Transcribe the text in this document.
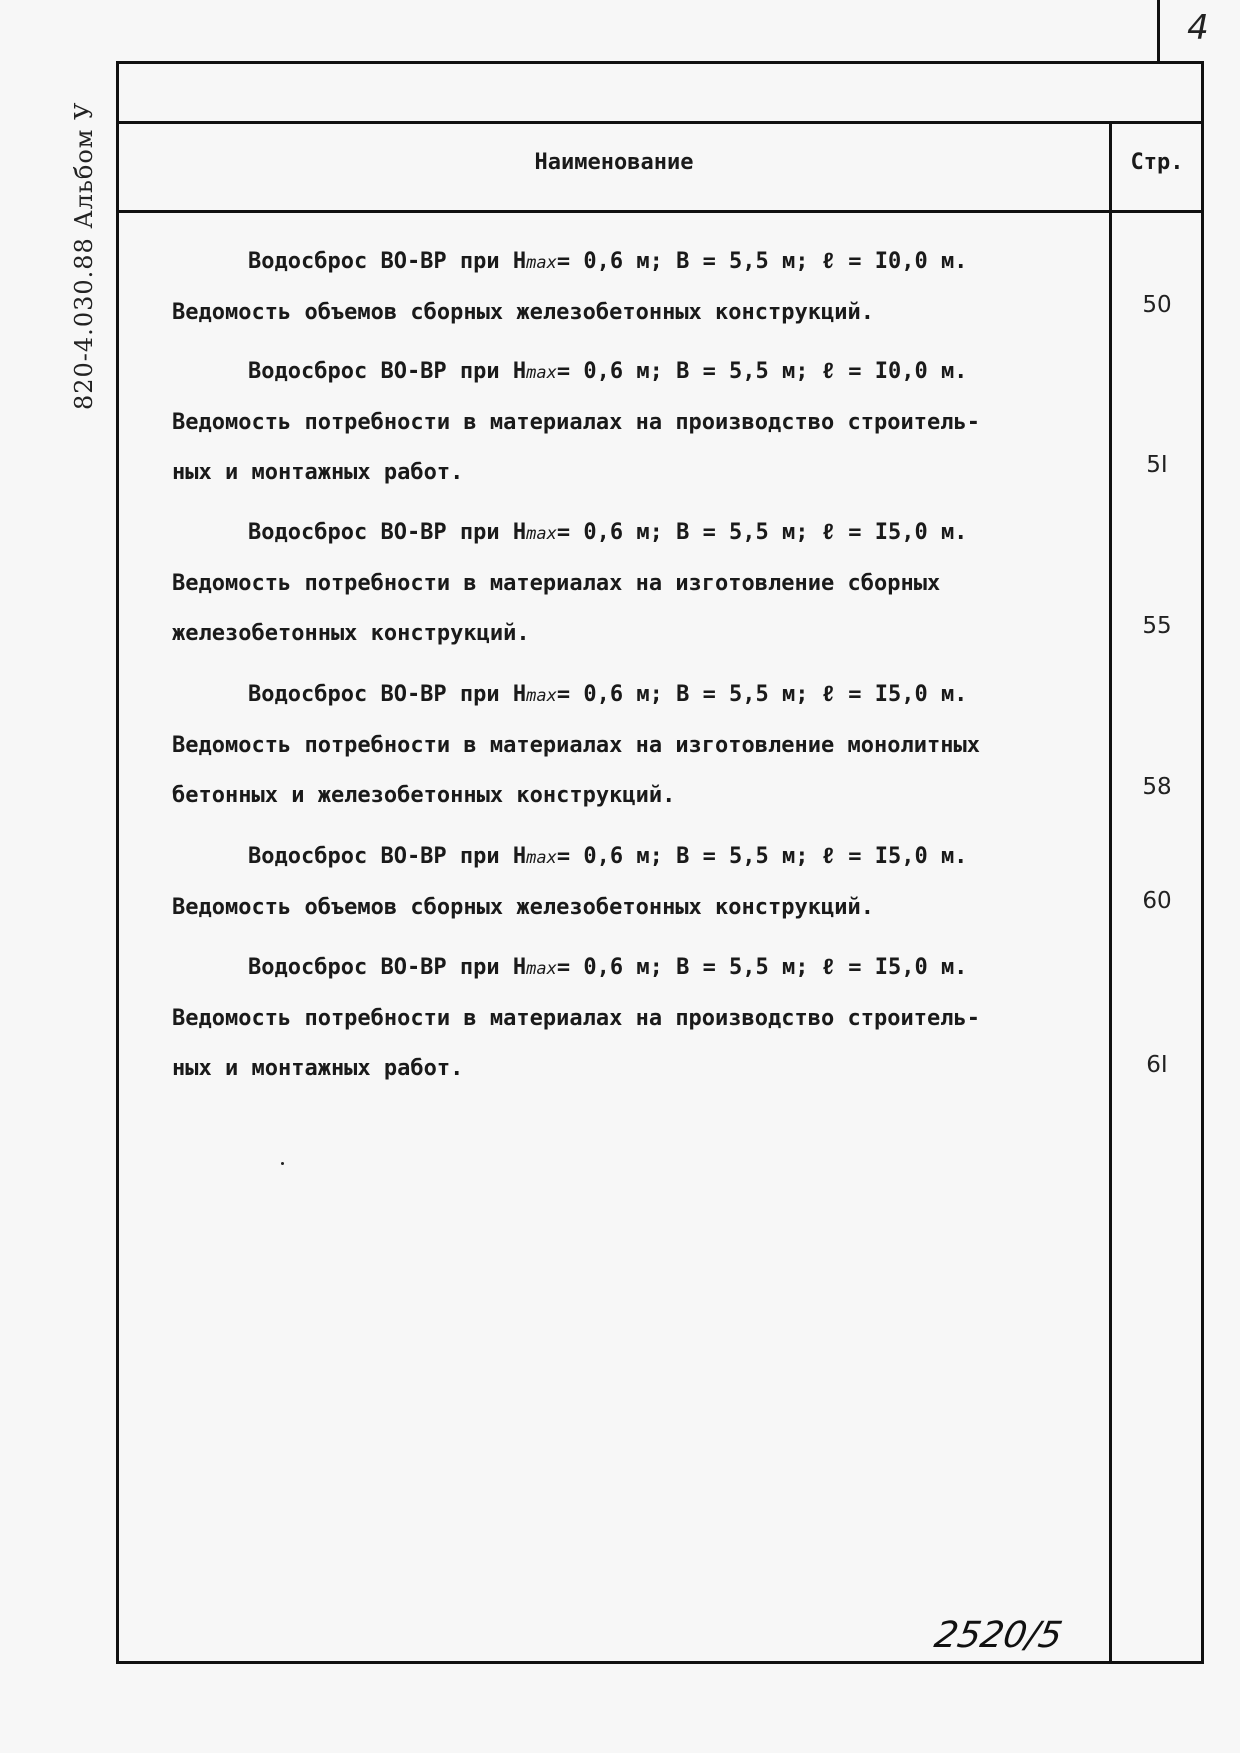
820-4.030.88 Альбом У
4
Наименование	Стр.
Водосброс ВО-ВР при Hmax= 0,6 м; В = 5,5 м; ℓ = I0,0 м.
Ведомость объемов сборных железобетонных конструкций.	50
Водосброс ВО-ВР при Hmax= 0,6 м; В = 5,5 м; ℓ = I0,0 м.
Ведомость потребности в материалах на производство строитель-
ных и монтажных работ.	5I
Водосброс ВО-ВР при Hmax= 0,6 м; В = 5,5 м; ℓ = I5,0 м.
Ведомость потребности в материалах на изготовление сборных
железобетонных конструкций.	55
Водосброс ВО-ВР при Hmax= 0,6 м; В = 5,5 м; ℓ = I5,0 м.
Ведомость потребности в материалах на изготовление монолитных
бетонных и железобетонных конструкций.	58
Водосброс ВО-ВР при Hmax= 0,6 м; В = 5,5 м; ℓ = I5,0 м.
Ведомость объемов сборных железобетонных конструкций.	60
Водосброс ВО-ВР при Hmax= 0,6 м; В = 5,5 м; ℓ = I5,0 м.
Ведомость потребности в материалах на производство строитель-
ных и монтажных работ.	6I
2520/5
